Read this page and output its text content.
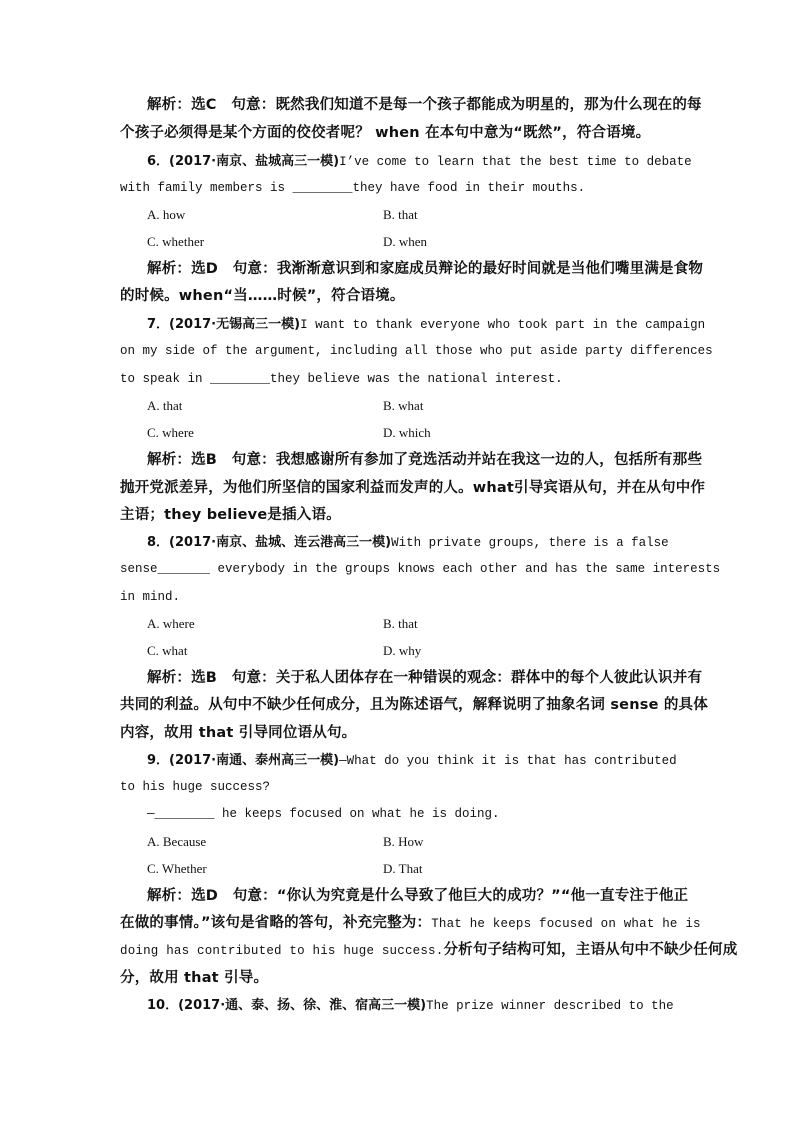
解析：选C　句意：既然我们知道不是每一个孩子都能成为明星的，那为什么现在的每
个孩子必须得是某个方面的佼佼者呢？ when 在本句中意为“既然”，符合语境。
6．(2017·南京、盐城高三一模)I’ve come to learn that the best time to debate
with family members is ________they have food in their mouths.
A. how	B. that
C. whether	D. when
解析：选D　句意：我渐渐意识到和家庭成员辩论的最好时间就是当他们嘴里满是食物
的时候。when“当……时候”，符合语境。
7．(2017·无锡高三一模)I want to thank everyone who took part in the campaign
on my side of the argument, including all those who put aside party differences
to speak in ________they believe was the national interest.
A. that	B. what
C. where	D. which
解析：选B　句意：我想感谢所有参加了竞选活动并站在我这一边的人，包括所有那些
抛开党派差异，为他们所坚信的国家利益而发声的人。what引导宾语从句，并在从句中作
主语；they believe是插入语。
8．(2017·南京、盐城、连云港高三一模)With private groups, there is a false
sense_______ everybody in the groups knows each other and has the same interests
in mind.
A. where	B. that
C. what	D. why
解析：选B　句意：关于私人团体存在一种错误的观念：群体中的每个人彼此认识并有
共同的利益。从句中不缺少任何成分，且为陈述语气，解释说明了抽象名词 sense 的具体
内容，故用 that 引导同位语从句。
9．(2017·南通、泰州高三一模)—What do you think it is that has contributed
to his huge success?
—________ he keeps focused on what he is doing.
A. Because	B. How
C. Whether	D. That
解析：选D　句意：“你认为究竟是什么导致了他巨大的成功？”“他一直专注于他正
在做的事情。”该句是省略的答句，补充完整为：That he keeps focused on what he is
doing has contributed to his huge success.分析句子结构可知，主语从句中不缺少任何成
分，故用 that 引导。
10．(2017·通、泰、扬、徐、淮、宿高三一模)The prize winner described to the
